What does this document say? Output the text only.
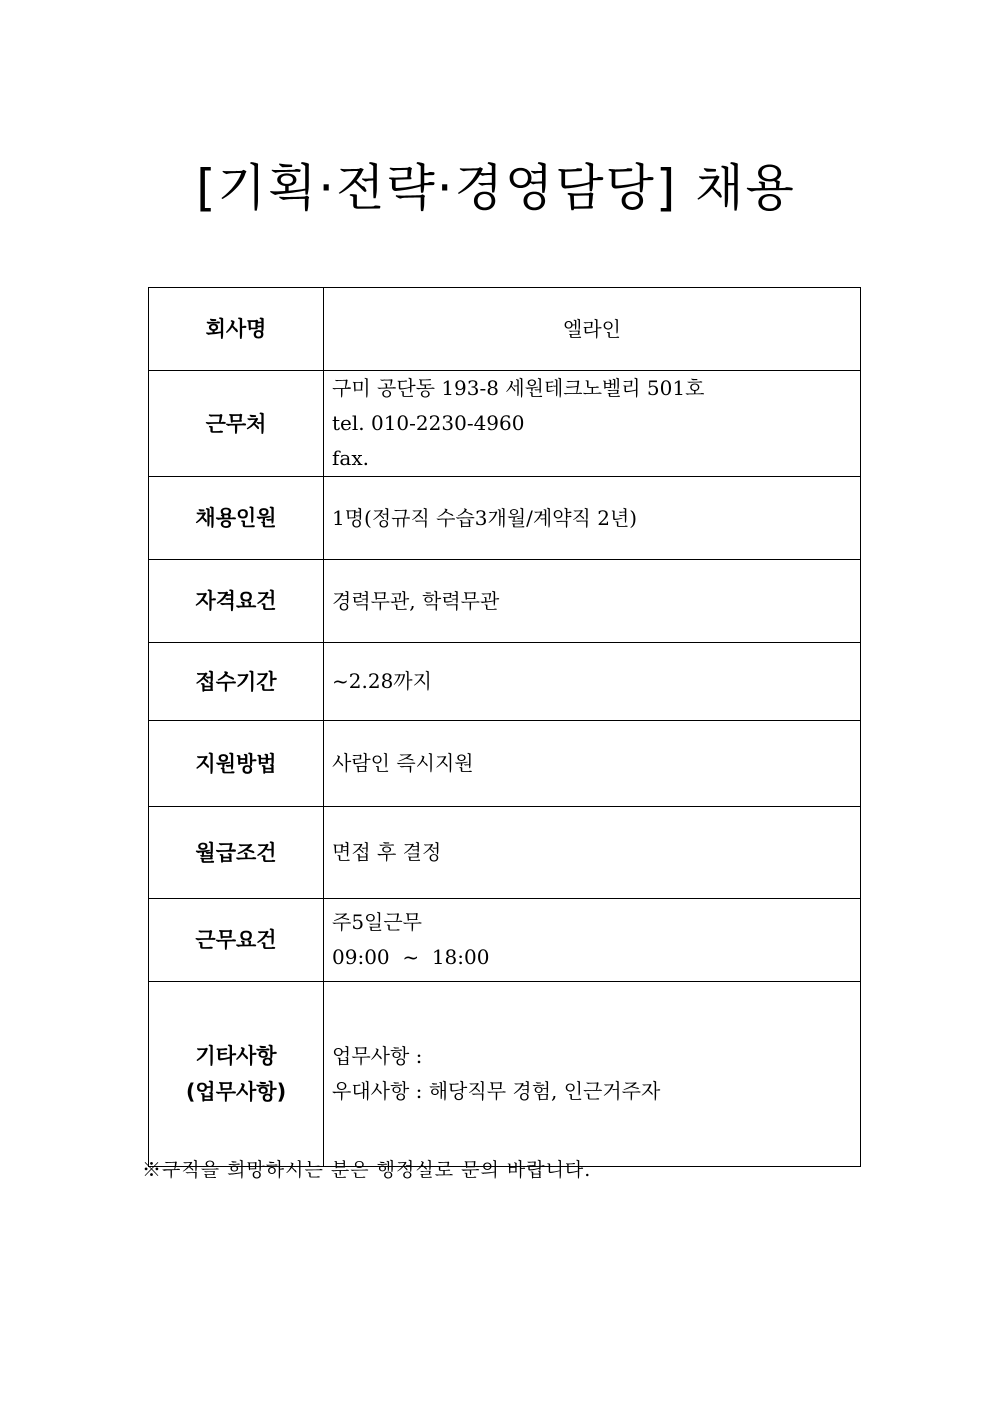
[기획·전략·경영담당] 채용
회사명	엘라인

근무처	구미 공단동 193-8 세원테크노벨리 501호
tel. 010-2230-4960
fax.

채용인원	1명(정규직 수습3개월/계약직 2년)

자격요건	경력무관, 학력무관

접수기간	~2.28까지

지원방법	사람인 즉시지원

월급조건	면접 후 결정

근무요건	주5일근무
09:00  ~  18:00

기타사항
(업무사항)	업무사항 :
우대사항 : 해당직무 경험, 인근거주자

※구직을 희망하시는 분은 행정실로 문의 바랍니다.
